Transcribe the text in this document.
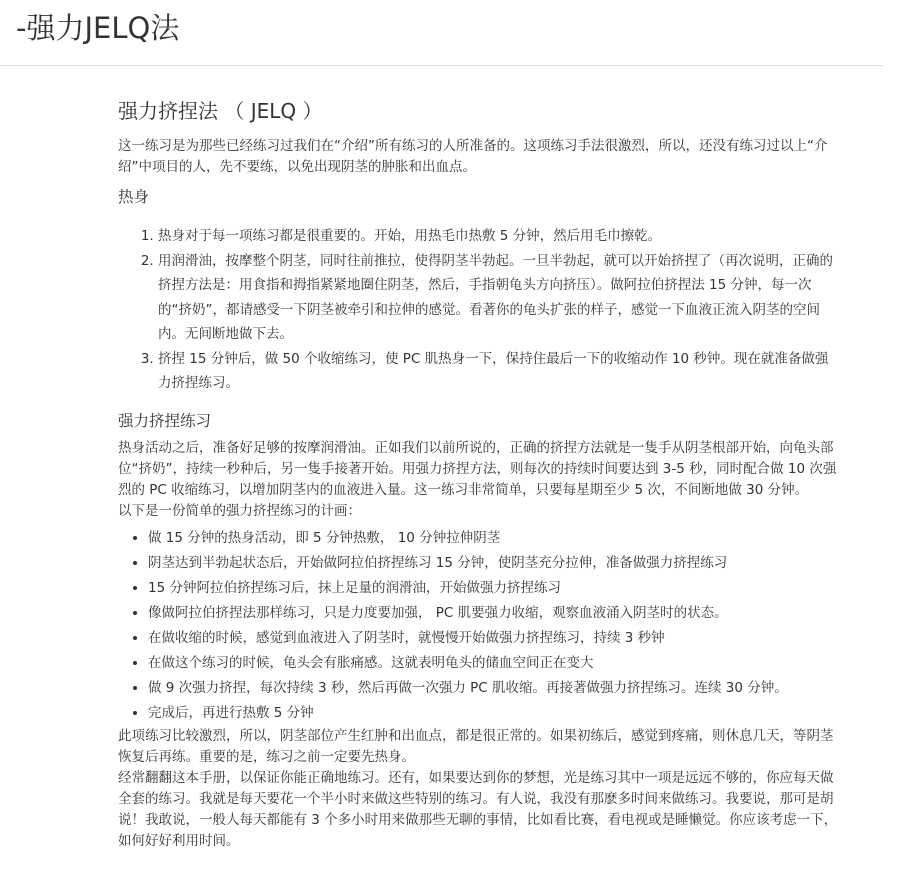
-强力JELQ法
强力挤捏法 （ JELQ ）

这一练习是为那些已经练习过我们在“介绍”所有练习的人所准备的。这项练习手法很激烈，所以，还没有练习过以上“介绍”中项目的人，先不要练，以免出现阴茎的肿胀和出血点。

热身
1. 热身对于每一项练习都是很重要的。开始，用热毛巾热敷 5 分钟，然后用毛巾擦乾。
2. 用润滑油，按摩整个阴茎，同时往前推拉，使得阴茎半勃起。一旦半勃起，就可以开始挤捏了（再次说明，正确的挤捏方法是：用食指和拇指紧紧地圈住阴茎，然后，手指朝龟头方向挤压）。做阿拉伯挤捏法 15 分钟，每一次的“挤奶”，都请感受一下阴茎被牵引和拉伸的感觉。看著你的龟头扩张的样子，感觉一下血液正流入阴茎的空间内。无间断地做下去。
3. 挤捏 15 分钟后，做 50 个收缩练习，使 PC 肌热身一下，保持住最后一下的收缩动作 10 秒钟。现在就准备做强力挤捏练习。
强力挤捏练习

热身活动之后，准备好足够的按摩润滑油。正如我们以前所说的，正确的挤捏方法就是一隻手从阴茎根部开始，向龟头部位“挤奶”，持续一秒种后，另一隻手接著开始。用强力挤捏方法，则每次的持续时间要达到 3-5 秒，同时配合做 10 次强烈的 PC 收缩练习，以增加阴茎内的血液进入量。这一练习非常简单，只要每星期至少 5 次，不间断地做 30 分钟。

以下是一份简单的强力挤捏练习的计画：

• 做 15 分钟的热身活动，即 5 分钟热敷， 10 分钟拉伸阴茎
• 阴茎达到半勃起状态后，开始做阿拉伯挤捏练习 15 分钟，使阴茎充分拉伸，准备做强力挤捏练习
• 15 分钟阿拉伯挤捏练习后，抹上足量的润滑油，开始做强力挤捏练习
• 像做阿拉伯挤捏法那样练习，只是力度要加强， PC 肌要强力收缩，观察血液涌入阴茎时的状态。
• 在做收缩的时候，感觉到血液进入了阴茎时，就慢慢开始做强力挤捏练习，持续 3 秒钟
• 在做这个练习的时候，龟头会有胀痛感。这就表明龟头的储血空间正在变大
• 做 9 次强力挤捏，每次持续 3 秒，然后再做一次强力 PC 肌收缩。再接著做强力挤捏练习。连续 30 分钟。
• 完成后，再进行热敷 5 分钟

此项练习比较激烈，所以，阴茎部位产生红肿和出血点，都是很正常的。如果初练后，感觉到疼痛，则休息几天，等阴茎恢复后再练。重要的是，练习之前一定要先热身。

经常翻翻这本手册，以保证你能正确地练习。还有，如果要达到你的梦想，光是练习其中一项是远远不够的，你应每天做全套的练习。我就是每天要花一个半小时来做这些特别的练习。有人说，我没有那麽多时间来做练习。我要说，那可是胡说！我敢说，一般人每天都能有 3 个多小时用来做那些无聊的事情，比如看比赛，看电视或是睡懒觉。你应该考虑一下，如何好好利用时间。
